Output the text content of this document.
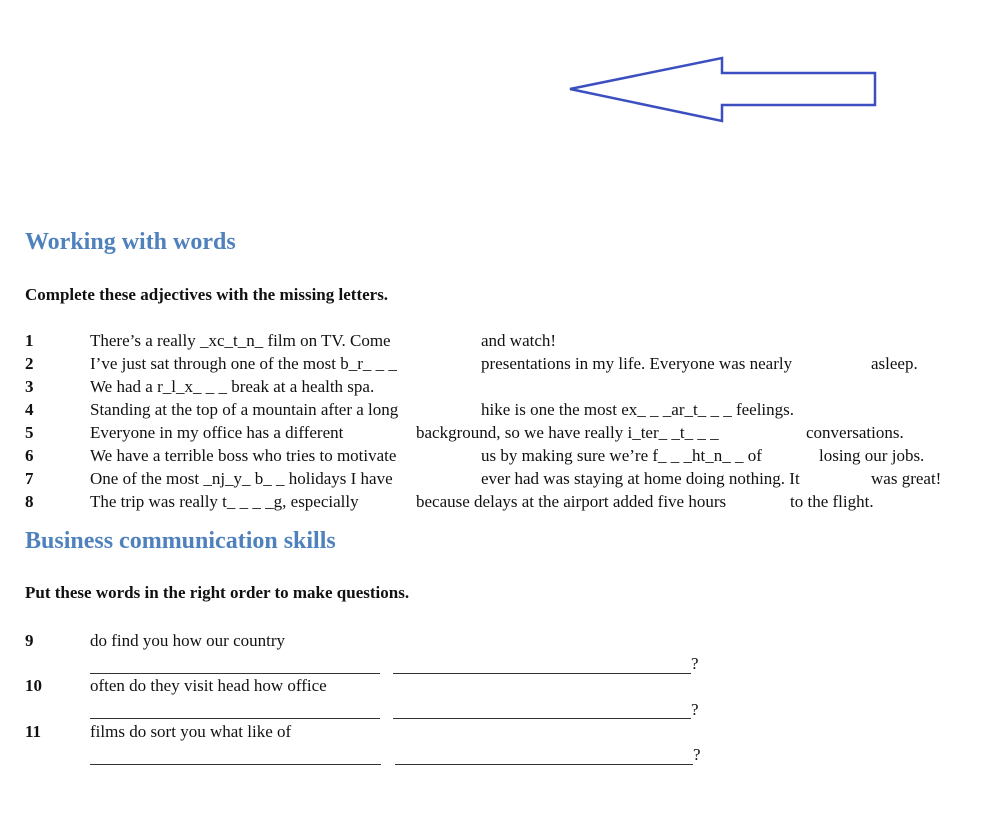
Working with words
Complete these adjectives with the missing letters.
1	There’s a really _xc_t_n_ film on TV. Come	and watch!
2	I’ve just sat through one of the most b_r_ _ _	presentations in my life. Everyone was nearly	asleep.
3	We had a r_l_x_ _ _ break at a health spa.
4	Standing at the top of a mountain after a long	hike is one the most ex_ _ _ar_t_ _ _ feelings.
5	Everyone in my office has a different	background, so we have really i_ter_ _t_ _ _	conversations.
6	We have a terrible boss who tries to motivate	us by making sure we’re f_ _ _ht_n_ _ of	losing our jobs.
7	One of the most _nj_y_ b_ _ holidays I have	ever had was staying at home doing nothing. It	was great!
8	The trip was really t_ _ _ _g, especially	because delays at the airport added five hours	to the flight.
Business communication skills
Put these words in the right order to make questions.
9	do find you how our country
?
10	often do they visit head how office
?
11	films do sort you what like of
?
